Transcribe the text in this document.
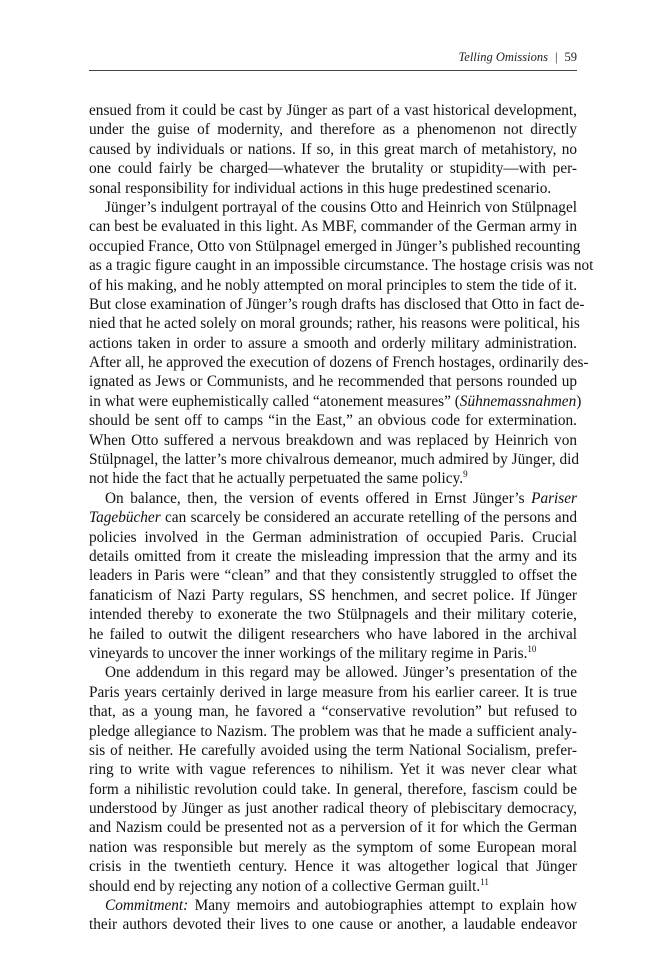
Telling Omissions | 59
ensued from it could be cast by Jünger as part of a vast historical development,
under the guise of modernity, and therefore as a phenomenon not directly
caused by individuals or nations. If so, in this great march of metahistory, no
one could fairly be charged—whatever the brutality or stupidity—with per-
sonal responsibility for individual actions in this huge predestined scenario.
Jünger’s indulgent portrayal of the cousins Otto and Heinrich von Stülpnagel
can best be evaluated in this light. As MBF, commander of the German army in
occupied France, Otto von Stülpnagel emerged in Jünger’s published recounting
as a tragic figure caught in an impossible circumstance. The hostage crisis was not
of his making, and he nobly attempted on moral principles to stem the tide of it.
But close examination of Jünger’s rough drafts has disclosed that Otto in fact de-
nied that he acted solely on moral grounds; rather, his reasons were political, his
actions taken in order to assure a smooth and orderly military administration.
After all, he approved the execution of dozens of French hostages, ordinarily des-
ignated as Jews or Communists, and he recommended that persons rounded up
in what were euphemistically called “atonement measures” (Sühnemassnahmen)
should be sent off to camps “in the East,” an obvious code for extermination.
When Otto suffered a nervous breakdown and was replaced by Heinrich von
Stülpnagel, the latter’s more chivalrous demeanor, much admired by Jünger, did
not hide the fact that he actually perpetuated the same policy.$^9$
On balance, then, the version of events offered in Ernst Jünger’s Pariser
Tagebücher can scarcely be considered an accurate retelling of the persons and
policies involved in the German administration of occupied Paris. Crucial
details omitted from it create the misleading impression that the army and its
leaders in Paris were “clean” and that they consistently struggled to offset the
fanaticism of Nazi Party regulars, SS henchmen, and secret police. If Jünger
intended thereby to exonerate the two Stülpnagels and their military coterie,
he failed to outwit the diligent researchers who have labored in the archival
vineyards to uncover the inner workings of the military regime in Paris.$^{10}$
One addendum in this regard may be allowed. Jünger’s presentation of the
Paris years certainly derived in large measure from his earlier career. It is true
that, as a young man, he favored a “conservative revolution” but refused to
pledge allegiance to Nazism. The problem was that he made a sufficient analy-
sis of neither. He carefully avoided using the term National Socialism, prefer-
ring to write with vague references to nihilism. Yet it was never clear what
form a nihilistic revolution could take. In general, therefore, fascism could be
understood by Jünger as just another radical theory of plebiscitary democracy,
and Nazism could be presented not as a perversion of it for which the German
nation was responsible but merely as the symptom of some European moral
crisis in the twentieth century. Hence it was altogether logical that Jünger
should end by rejecting any notion of a collective German guilt.$^{11}$
Commitment: Many memoirs and autobiographies attempt to explain how
their authors devoted their lives to one cause or another, a laudable endeavor
